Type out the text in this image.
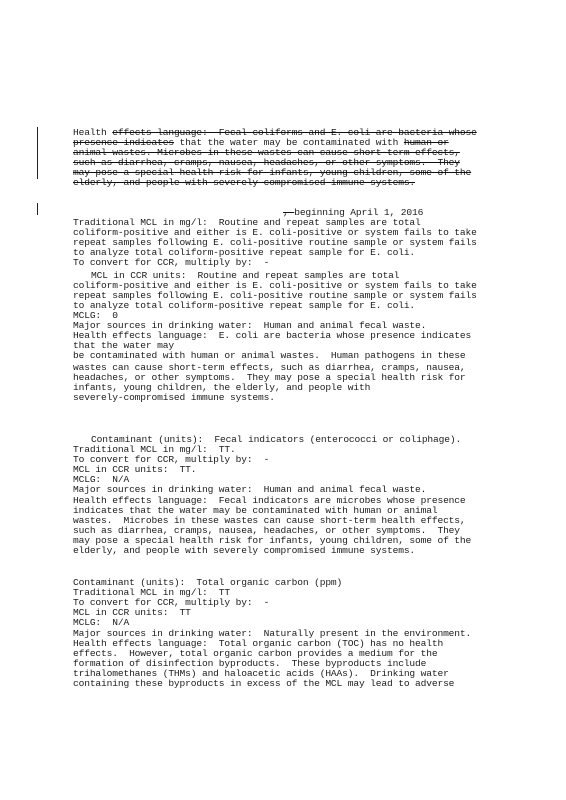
Health effects language:  Fecal coliforms and E. coli are bacteria whose
presence indicates that the water may be contaminated with human or
animal wastes. Microbes in these wastes can cause short-term effects,
such as diarrhea, cramps, nausea, headaches, or other symptoms.  They
may pose a special health risk for infants, young children, some of the
elderly, and people with severely compromised immune systems.
, beginning April 1, 2016
Traditional MCL in mg/l:  Routine and repeat samples are total
coliform-positive and either is E. coli-positive or system fails to take
repeat samples following E. coli-positive routine sample or system fails
to analyze total coliform-positive repeat sample for E. coli.
To convert for CCR, multiply by:  -
MCL in CCR units:  Routine and repeat samples are total
coliform-positive and either is E. coli-positive or system fails to take
repeat samples following E. coli-positive routine sample or system fails
to analyze total coliform-positive repeat sample for E. coli.
MCLG:  0
Major sources in drinking water:  Human and animal fecal waste.
Health effects language:  E. coli are bacteria whose presence indicates
that the water may
be contaminated with human or animal wastes.  Human pathogens in these
wastes can cause short-term effects, such as diarrhea, cramps, nausea,
headaches, or other symptoms.  They may pose a special health risk for
infants, young children, the elderly, and people with
severely-compromised immune systems.
Contaminant (units):  Fecal indicators (enterococci or coliphage).
Traditional MCL in mg/l:  TT.
To convert for CCR, multiply by:  -
MCL in CCR units:  TT.
MCLG:  N/A
Major sources in drinking water:  Human and animal fecal waste.
Health effects language:  Fecal indicators are microbes whose presence
indicates that the water may be contaminated with human or animal
wastes.  Microbes in these wastes can cause short-term health effects,
such as diarrhea, cramps, nausea, headaches, or other symptoms.  They
may pose a special health risk for infants, young children, some of the
elderly, and people with severely compromised immune systems.
Contaminant (units):  Total organic carbon (ppm)
Traditional MCL in mg/l:  TT
To convert for CCR, multiply by:  -
MCL in CCR units:  TT
MCLG:  N/A
Major sources in drinking water:  Naturally present in the environment.
Health effects language:  Total organic carbon (TOC) has no health
effects.  However, total organic carbon provides a medium for the
formation of disinfection byproducts.  These byproducts include
trihalomethanes (THMs) and haloacetic acids (HAAs).  Drinking water
containing these byproducts in excess of the MCL may lead to adverse
